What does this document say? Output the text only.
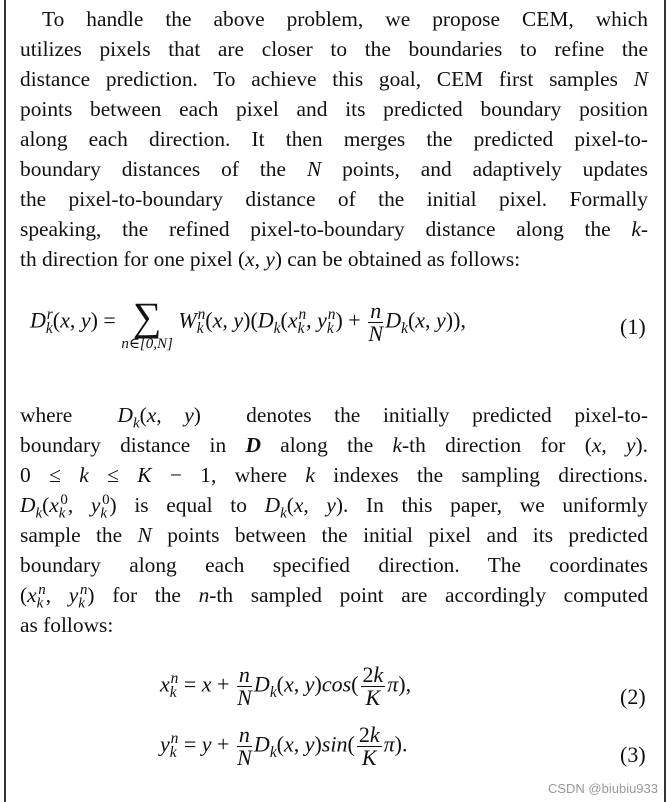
To handle the above problem, we propose CEM, which
utilizes pixels that are closer to the boundaries to refine the
distance prediction. To achieve this goal, CEM first samples N
points between each pixel and its predicted boundary position
along each direction. It then merges the predicted pixel-to-
boundary distances of the N points, and adaptively updates
the pixel-to-boundary distance of the initial pixel. Formally
speaking, the refined pixel-to-boundary distance along the k-
th direction for one pixel (x, y) can be obtained as follows:
$D_k^r(x$, y) = ∑
n∈[0,N]
$W_k^n(x$, $y)(D_k(x_k^n$, $y_k^n) + \frac{n}{N} D_k(x$, y)),	(1)
where  $D_k(x$, y)  denotes the initially predicted pixel-to-
boundary distance in D along the k-th direction for (x, y).
0 ≤ k ≤ K − 1, where k indexes the sampling directions.
$D_k(x_k^0$, $y_k^0$) is equal to $D_k(x$, y). In this paper, we uniformly
sample the N points between the initial pixel and its predicted
boundary along each specified direction. The coordinates
($x_k^n$, $y_k^n$) for the n-th sampled point are accordingly computed
as follows:
$x_k^n = x + \frac{n}{N} D_k(x$, $y)\cos( \frac{2k}{K} \pi)$,	(2)
$y_k^n = y + \frac{n}{N} D_k(x$, $y)\sin( \frac{2k}{K} \pi)$.	(3)
CSDN @biubiu933
